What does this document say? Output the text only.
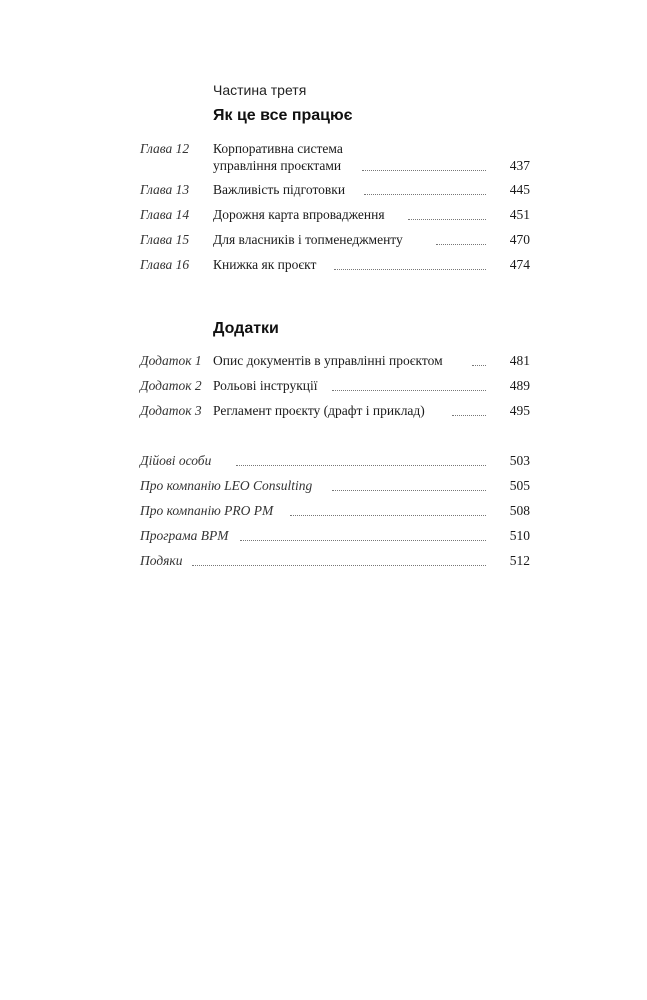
Частина третя
Як це все працює
Глава 12 Корпоративна система
управління проєктами	437
Глава 13 Важливість підготовки	445
Глава 14 Дорожня карта впровадження	451
Глава 15 Для власників і топменеджменту	470
Глава 16 Книжка як проєкт	474
Додатки
Додаток 1 Опис документів в управлінні проєктом	481
Додаток 2 Рольові інструкції	489
Додаток 3 Регламент проєкту (драфт і приклад)	495
Дійові особи	503
Про компанію LEO Consulting	505
Про компанію PRO PM	508
Програма BPM	510
Подяки	512
